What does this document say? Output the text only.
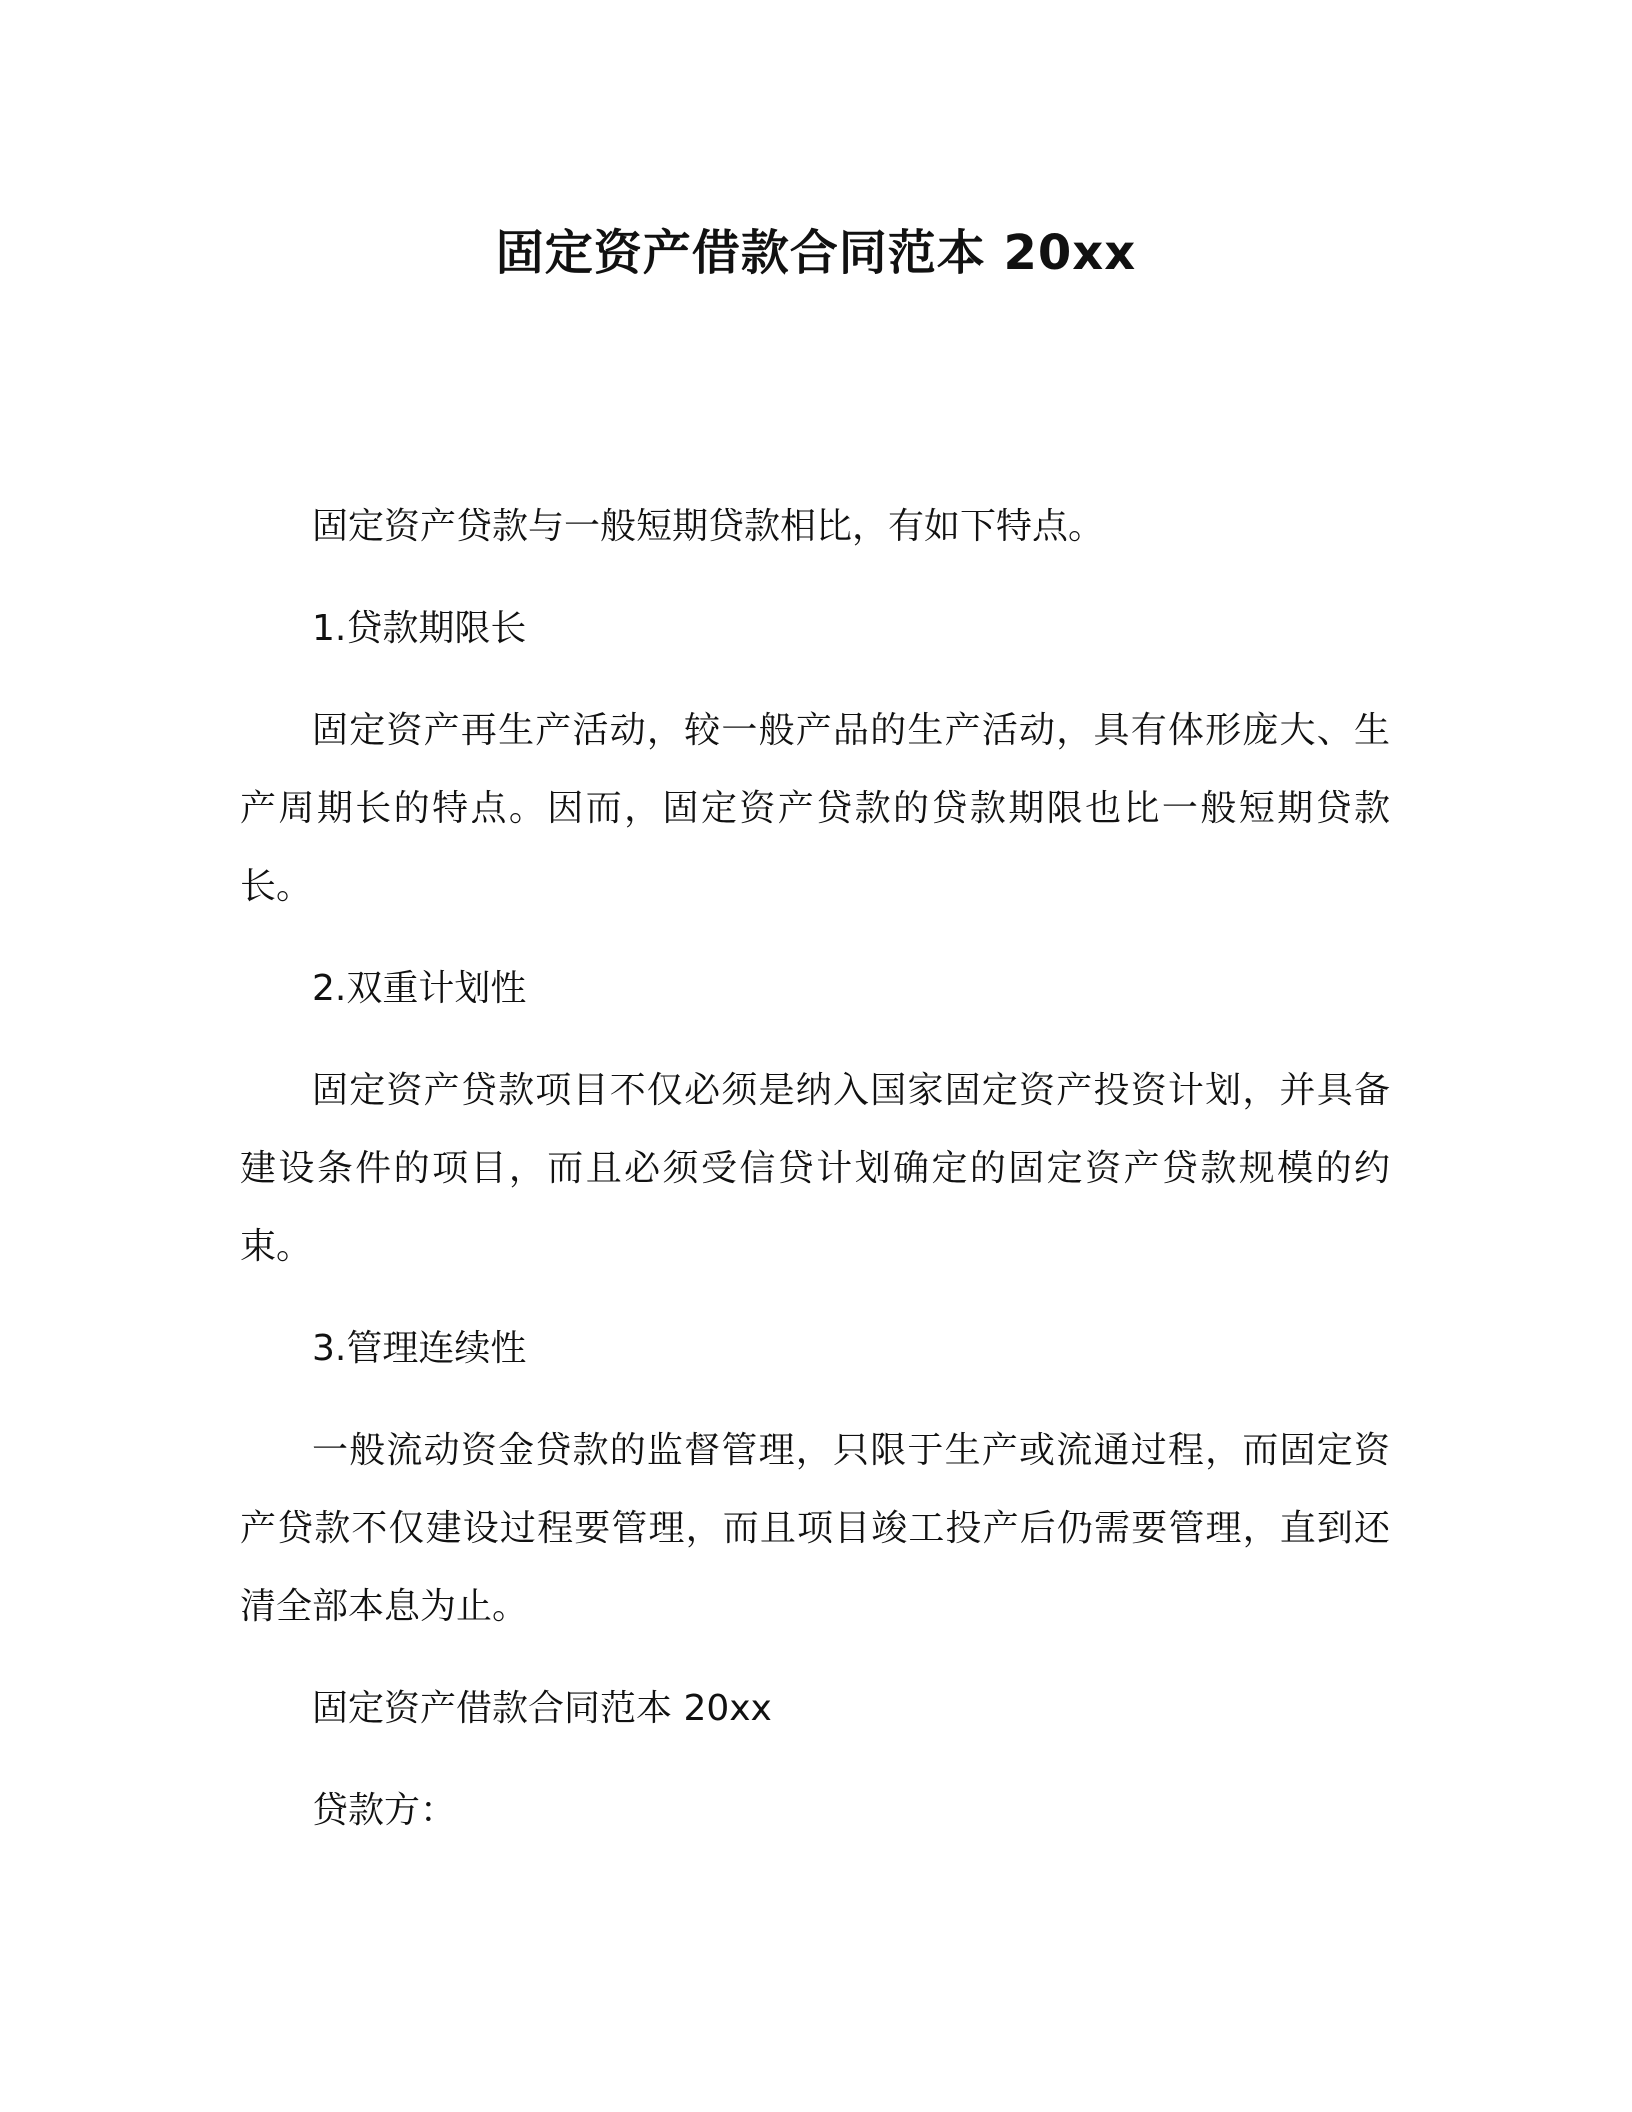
固定资产借款合同范本 20xx

固定资产贷款与一般短期贷款相比，有如下特点。

1.贷款期限长

固定资产再生产活动，较一般产品的生产活动，具有体形庞大、生产周期长的特点。因而，固定资产贷款的贷款期限也比一般短期贷款长。

2.双重计划性

固定资产贷款项目不仅必须是纳入国家固定资产投资计划，并具备建设条件的项目，而且必须受信贷计划确定的固定资产贷款规模的约束。

3.管理连续性

一般流动资金贷款的监督管理，只限于生产或流通过程，而固定资产贷款不仅建设过程要管理，而且项目竣工投产后仍需要管理，直到还清全部本息为止。

固定资产借款合同范本 20xx

贷款方：
